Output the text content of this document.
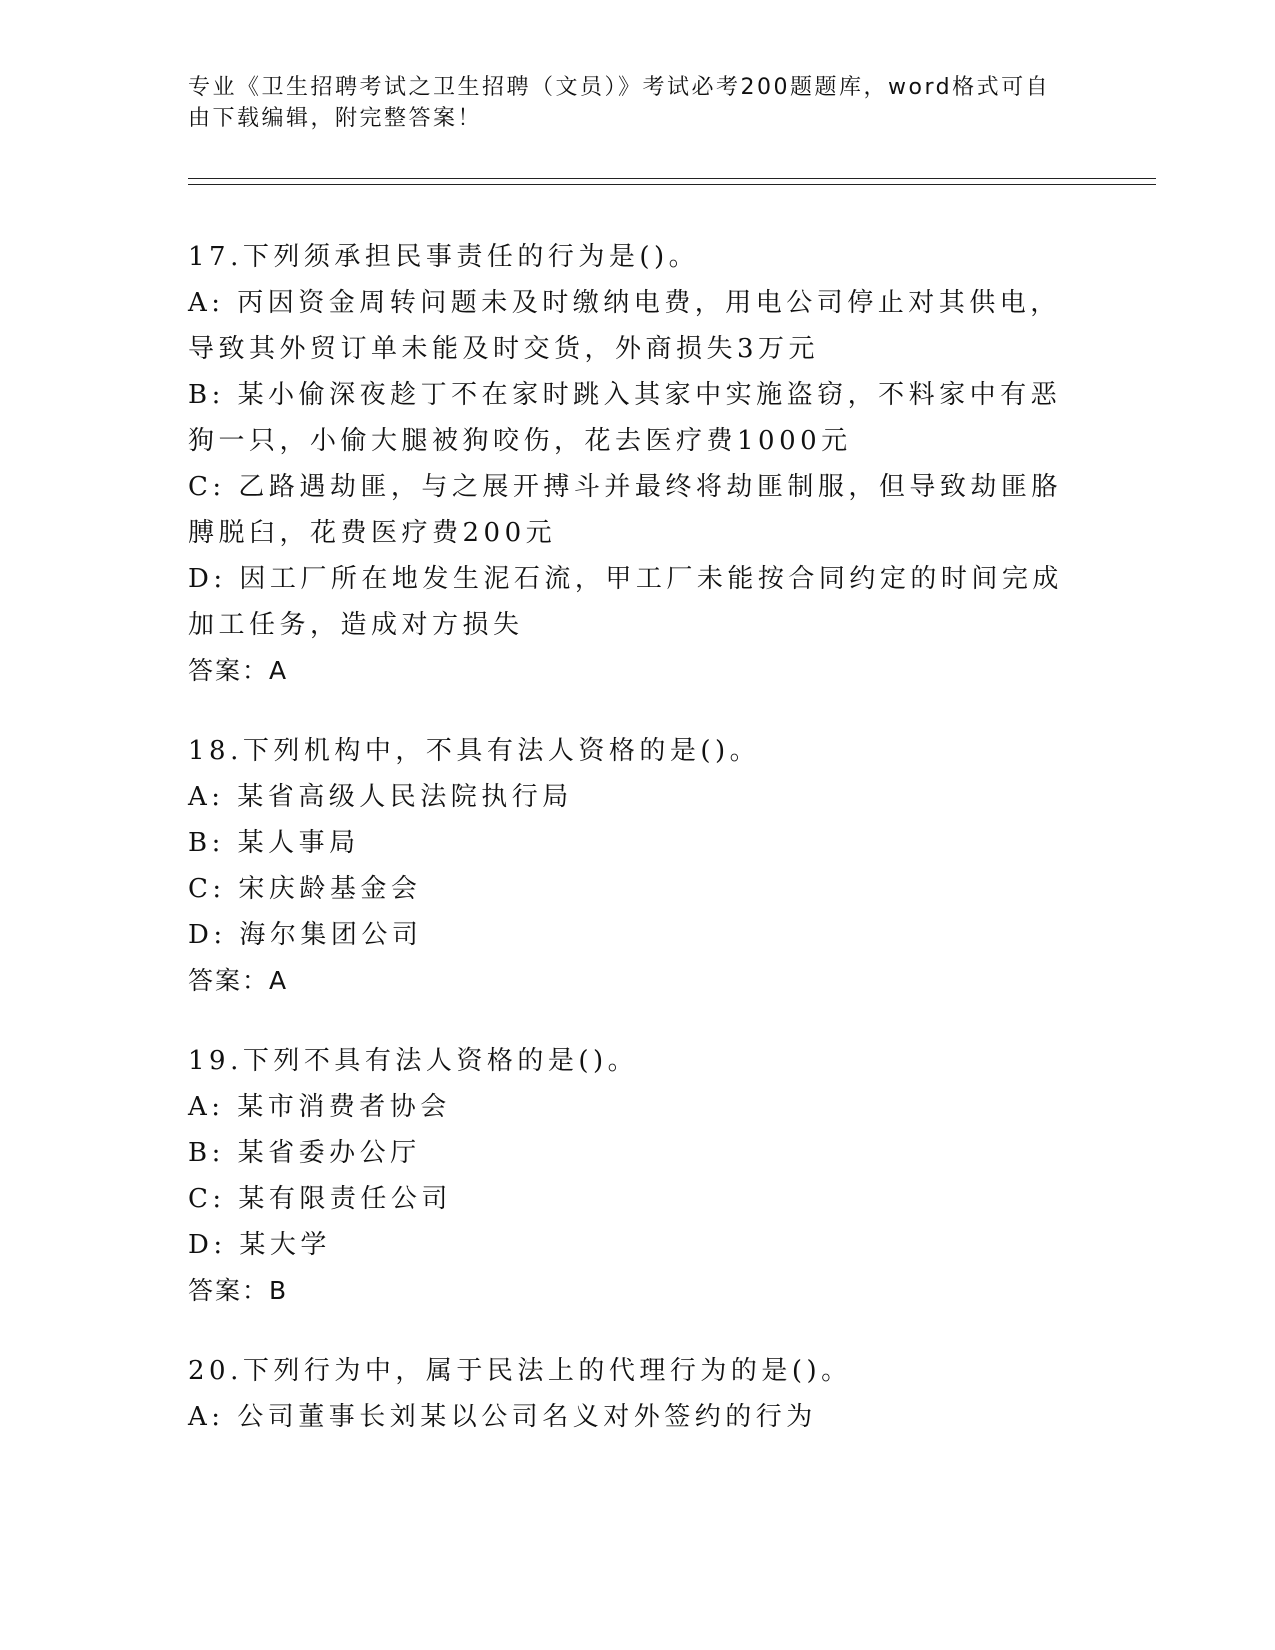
专业《卫生招聘考试之卫生招聘（文员）》考试必考200题题库，word格式可自
由下载编辑，附完整答案！
17.下列须承担民事责任的行为是()。
A: 丙因资金周转问题未及时缴纳电费，用电公司停止对其供电，导致其外贸订单未能及时交货，外商损失3万元
B: 某小偷深夜趁丁不在家时跳入其家中实施盗窃，不料家中有恶狗一只，小偷大腿被狗咬伤，花去医疗费1000元
C: 乙路遇劫匪，与之展开搏斗并最终将劫匪制服，但导致劫匪胳膊脱臼，花费医疗费200元
D: 因工厂所在地发生泥石流，甲工厂未能按合同约定的时间完成加工任务，造成对方损失
答案：A
18.下列机构中，不具有法人资格的是()。
A: 某省高级人民法院执行局
B: 某人事局
C: 宋庆龄基金会
D: 海尔集团公司
答案：A
19.下列不具有法人资格的是()。
A: 某市消费者协会
B: 某省委办公厅
C: 某有限责任公司
D: 某大学
答案：B
20.下列行为中，属于民法上的代理行为的是()。
A: 公司董事长刘某以公司名义对外签约的行为
